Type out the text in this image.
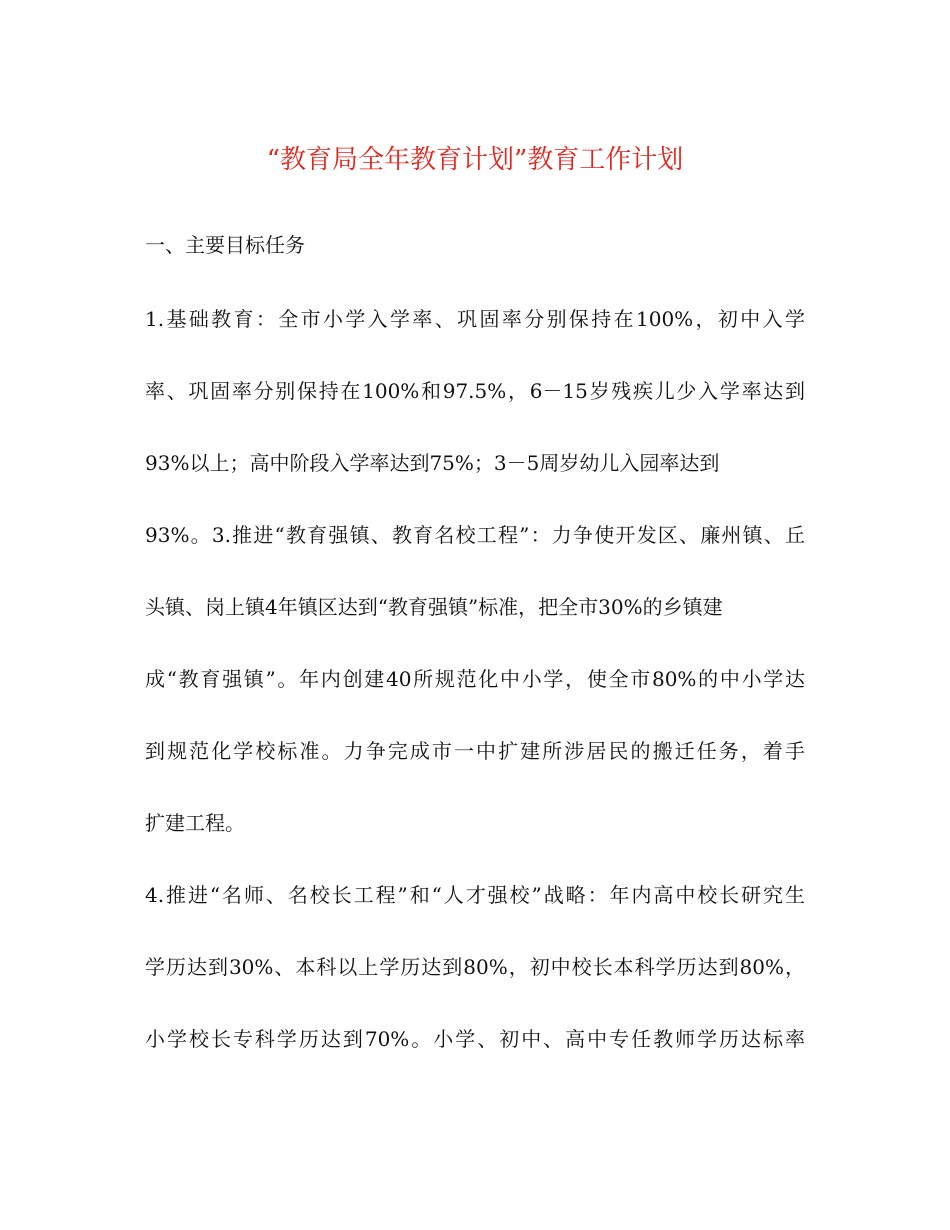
“教育局全年教育计划”教育工作计划
一、主要目标任务
1.基础教育：全市小学入学率、巩固率分别保持在100%，初中入学
率、巩固率分别保持在100%和97.5%，6－15岁残疾儿少入学率达到
93%以上；高中阶段入学率达到75%；3－5周岁幼儿入园率达到
93%。3.推进“教育强镇、教育名校工程”：力争使开发区、廉州镇、丘
头镇、岗上镇4年镇区达到“教育强镇”标准，把全市30%的乡镇建
成“教育强镇”。年内创建40所规范化中小学，使全市80%的中小学达
到规范化学校标准。力争完成市一中扩建所涉居民的搬迁任务，着手
扩建工程。
4.推进“名师、名校长工程”和“人才强校”战略：年内高中校长研究生
学历达到30%、本科以上学历达到80%，初中校长本科学历达到80%，
小学校长专科学历达到70%。小学、初中、高中专任教师学历达标率
